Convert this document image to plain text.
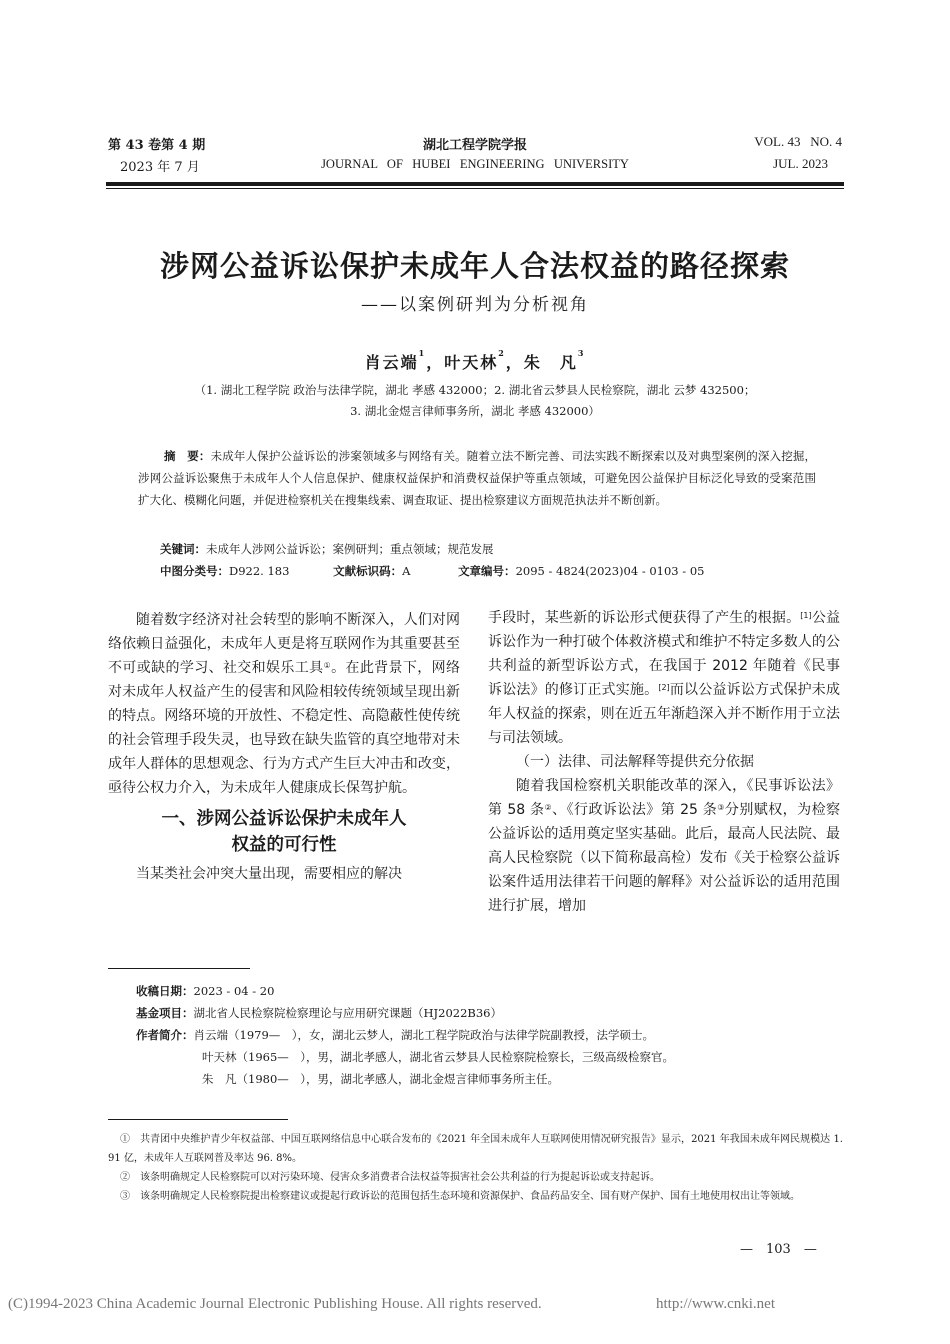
第 43 卷第 4 期
2023 年 7 月
湖北工程学院学报
JOURNAL   OF   HUBEI   ENGINEERING   UNIVERSITY
VOL. 43   NO. 4
JUL. 2023
涉网公益诉讼保护未成年人合法权益的路径探索
——以案例研判为分析视角
肖云端$^1$，叶天林$^2$，朱　凡$^3$
（1. 湖北工程学院 政治与法律学院，湖北 孝感 432000；2. 湖北省云梦县人民检察院，湖北 云梦 432500；
3. 湖北金煜言律师事务所，湖北 孝感 432000）
摘　要：未成年人保护公益诉讼的涉案领域多与网络有关。随着立法不断完善、司法实践不断探索以及对典型案例的深入挖掘，涉网公益诉讼聚焦于未成年人个人信息保护、健康权益保护和消费权益保护等重点领域，可避免因公益保护目标泛化导致的受案范围扩大化、模糊化问题，并促进检察机关在搜集线索、调查取证、提出检察建议方面规范执法并不断创新。
关键词：未成年人涉网公益诉讼；案例研判；重点领域；规范发展
中图分类号：D922. 183	文献标识码：A	文章编号：2095 - 4824(2023)04 - 0103 - 05

随着数字经济对社会转型的影响不断深入，人们对网络依赖日益强化，未成年人更是将互联网作为其重要甚至不可或缺的学习、社交和娱乐工具①。在此背景下，网络对未成年人权益产生的侵害和风险相较传统领域呈现出新的特点。网络环境的开放性、不稳定性、高隐蔽性使传统的社会管理手段失灵，也导致在缺失监管的真空地带对未成年人群体的思想观念、行为方式产生巨大冲击和改变，亟待公权力介入，为未成年人健康成长保驾护航。

一、涉网公益诉讼保护未成年人
权益的可行性

当某类社会冲突大量出现，需要相应的解决

手段时，某些新的诉讼形式便获得了产生的根据。[1]公益诉讼作为一种打破个体救济模式和维护不特定多数人的公共利益的新型诉讼方式，在我国于 2012 年随着《民事诉讼法》的修订正式实施。[2]而以公益诉讼方式保护未成年人权益的探索，则在近五年渐趋深入并不断作用于立法与司法领域。

（一）法律、司法解释等提供充分依据

随着我国检察机关职能改革的深入，《民事诉讼法》第 58 条②、《行政诉讼法》第 25 条③分别赋权，为检察公益诉讼的适用奠定坚实基础。此后，最高人民法院、最高人民检察院（以下简称最高检）发布《关于检察公益诉讼案件适用法律若干问题的解释》对公益诉讼的适用范围进行扩展，增加

收稿日期：2023 - 04 - 20
基金项目：湖北省人民检察院检察理论与应用研究课题（HJ2022B36）
作者简介：肖云端（1979—　），女，湖北云梦人，湖北工程学院政治与法律学院副教授，法学硕士。
叶天林（1965—　），男，湖北孝感人，湖北省云梦县人民检察院检察长，三级高级检察官。
朱　凡（1980—　），男，湖北孝感人，湖北金煜言律师事务所主任。
①　共青团中央维护青少年权益部、中国互联网络信息中心联合发布的《2021 年全国未成年人互联网使用情况研究报告》显示，2021 年我国未成年网民规模达 1. 91 亿，未成年人互联网普及率达 96. 8%。
②　该条明确规定人民检察院可以对污染环境、侵害众多消费者合法权益等损害社会公共利益的行为提起诉讼或支持起诉。
③　该条明确规定人民检察院提出检察建议或提起行政诉讼的范围包括生态环境和资源保护、食品药品安全、国有财产保护、国有土地使用权出让等领域。
—　103　—
(C)1994-2023 China Academic Journal Electronic Publishing House. All rights reserved.	http://www.cnki.net
